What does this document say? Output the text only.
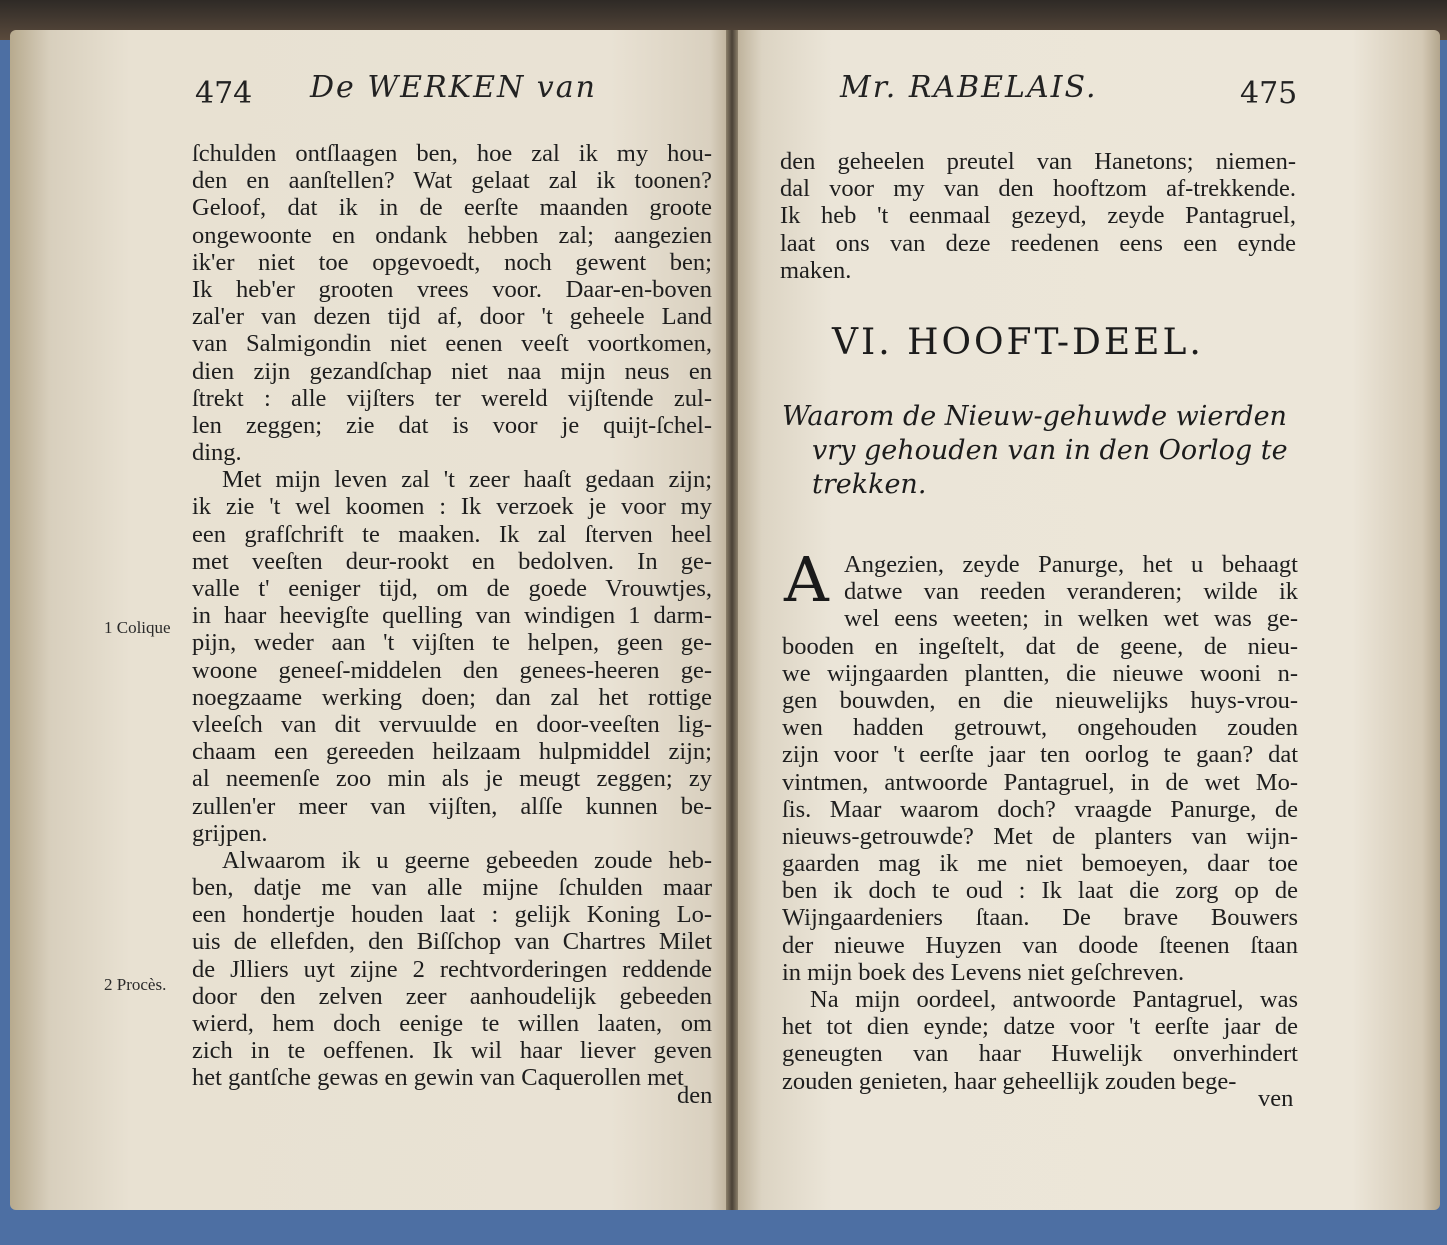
474 De WERKEN van
ſchulden ontſlaagen ben, hoe zal ik my hou-
den en aanſtellen? Wat gelaat zal ik toonen?
Geloof, dat ik in de eerſte maanden groote
ongewoonte en ondank hebben zal; aangezien
ik'er niet toe opgevoedt, noch gewent ben;
Ik heb'er grooten vrees voor. Daar-en-boven
zal'er van dezen tijd af, door 't geheele Land
van Salmigondin niet eenen veeſt voortkomen,
dien zijn gezandſchap niet naa mijn neus en
ſtrekt : alle vijſters ter wereld vijſtende zul-
len zeggen; zie dat is voor je quijt-ſchel-
ding.
Met mijn leven zal 't zeer haaſt gedaan zijn;
ik zie 't wel koomen : Ik verzoek je voor my
een grafſchrift te maaken. Ik zal ſterven heel
met veeſten deur-rookt en bedolven. In ge-
valle t' eeniger tijd, om de goede Vrouwtjes,
in haar heevigſte quelling van windigen 1 darm-
pijn, weder aan 't vijſten te helpen, geen ge-
woone geneeſ-middelen den genees-heeren ge-
noegzaame werking doen; dan zal het rottige
vleeſch van dit vervuulde en door-veeſten lig-
chaam een gereeden heilzaam hulpmiddel zijn;
al neemenſe zoo min als je meugt zeggen; zy
zullen'er meer van vijſten, alſſe kunnen be-
grijpen.
Alwaarom ik u geerne gebeeden zoude heb-
ben, datje me van alle mijne ſchulden maar
een hondertje houden laat : gelijk Koning Lo-
uis de ellefden, den Biſſchop van Chartres Milet
de Jlliers uyt zijne 2 rechtvorderingen reddende
door den zelven zeer aanhoudelijk gebeeden
wierd, hem doch eenige te willen laaten, om
zich in te oeffenen. Ik wil haar liever geven
het gantſche gewas en gewin van Caquerollen met
1 Colique
2 Procès.
den
Mr. RABELAIS.	475
den geheelen preutel van Hanetons; niemen-
dal voor my van den hooftzom af-trekkende.
Ik heb 't eenmaal gezeyd, zeyde Pantagruel,
laat ons van deze reedenen eens een eynde
maken.
VI. HOOFT-DEEL.
Waarom de Nieuw-gehuwde wierden
vry gehouden van in den Oorlog te
trekken.
A Angezien, zeyde Panurge, het u behaagt
datwe van reeden veranderen; wilde ik
wel eens weeten; in welken wet was ge-
booden en ingeſtelt, dat de geene, de nieu-
we wijngaarden plantten, die nieuwe wooni n-
gen bouwden, en die nieuwelijks huys-vrou-
wen hadden getrouwt, ongehouden zouden
zijn voor 't eerſte jaar ten oorlog te gaan? dat
vintmen, antwoorde Pantagruel, in de wet Mo-
ſis. Maar waarom doch? vraagde Panurge, de
nieuws-getrouwde? Met de planters van wijn-
gaarden mag ik me niet bemoeyen, daar toe
ben ik doch te oud : Ik laat die zorg op de
Wijngaardeniers ſtaan. De brave Bouwers
der nieuwe Huyzen van doode ſteenen ſtaan
in mijn boek des Levens niet geſchreven.
Na mijn oordeel, antwoorde Pantagruel, was
het tot dien eynde; datze voor 't eerſte jaar de
geneugten van haar Huwelijk onverhindert
zouden genieten, haar geheellijk zouden bege-
ven
